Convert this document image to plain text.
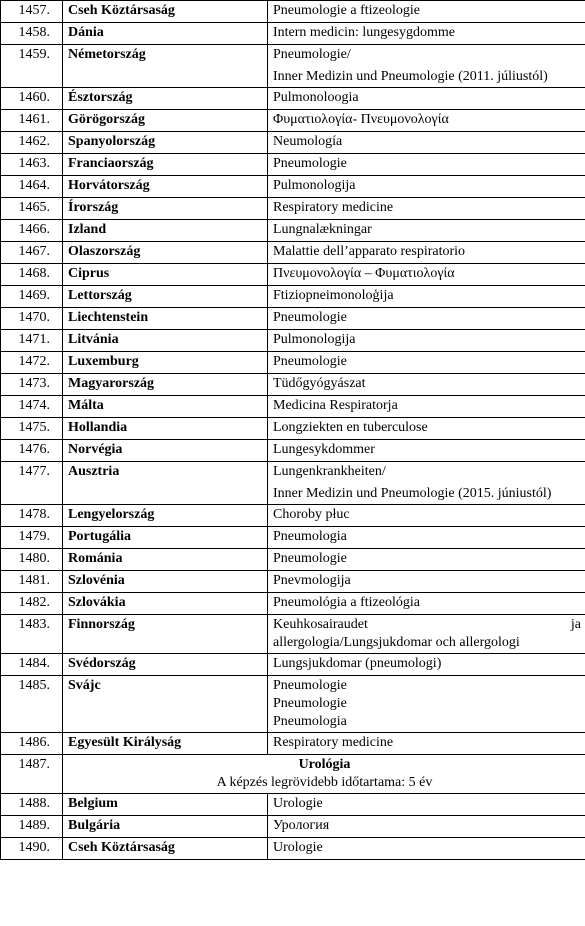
1457.	Cseh Köztársaság	Pneumologie a ftizeologie

1458.	Dánia	Intern medicin: lungesygdomme

1459.	Németország	Pneumologie/

Inner Medizin und Pneumologie (2011. júliustól)

1460.	Észtország	Pulmonoloogia

1461.	Görögország	Φυματιολογία- Πνευμονολογία

1462.	Spanyolország	Neumología

1463.	Franciaország	Pneumologie

1464.	Horvátország	Pulmonologija

1465.	Írország	Respiratory medicine

1466.	Izland	Lungnalækningar

1467.	Olaszország	Malattie dell’apparato respiratorio

1468.	Ciprus	Πνευμονολογία – Φυματιολογία

1469.	Lettország	Ftiziopneimonoloģija

1470.	Liechtenstein	Pneumologie

1471.	Litvánia	Pulmonologija

1472.	Luxemburg	Pneumologie

1473.	Magyarország	Tüdőgyógyászat

1474.	Málta	Medicina Respiratorja

1475.	Hollandia	Longziekten en tuberculose

1476.	Norvégia	Lungesykdommer

1477.	Ausztria	Lungenkrankheiten/

Inner Medizin und Pneumologie (2015. júniustól)

1478.	Lengyelország	Choroby płuc

1479.	Portugália	Pneumologia

1480.	Románia	Pneumologie

1481.	Szlovénia	Pnevmologija

1482.	Szlovákia	Pneumológia a ftizeológia

1483.	Finnország	Keuhkosairaudet ja

allergologia/Lungsjukdomar och allergologi

1484.	Svédország	Lungsjukdomar (pneumologi)

1485.	Svájc	Pneumologie

Pneumologie

Pneumologia

1486.	Egyesült Királyság	Respiratory medicine

1487.	Urológia
A képzés legrövidebb időtartama: 5 év	

1488.	Belgium	Urologie

1489.	Bulgária	Урология

1490.	Cseh Köztársaság	Urologie
